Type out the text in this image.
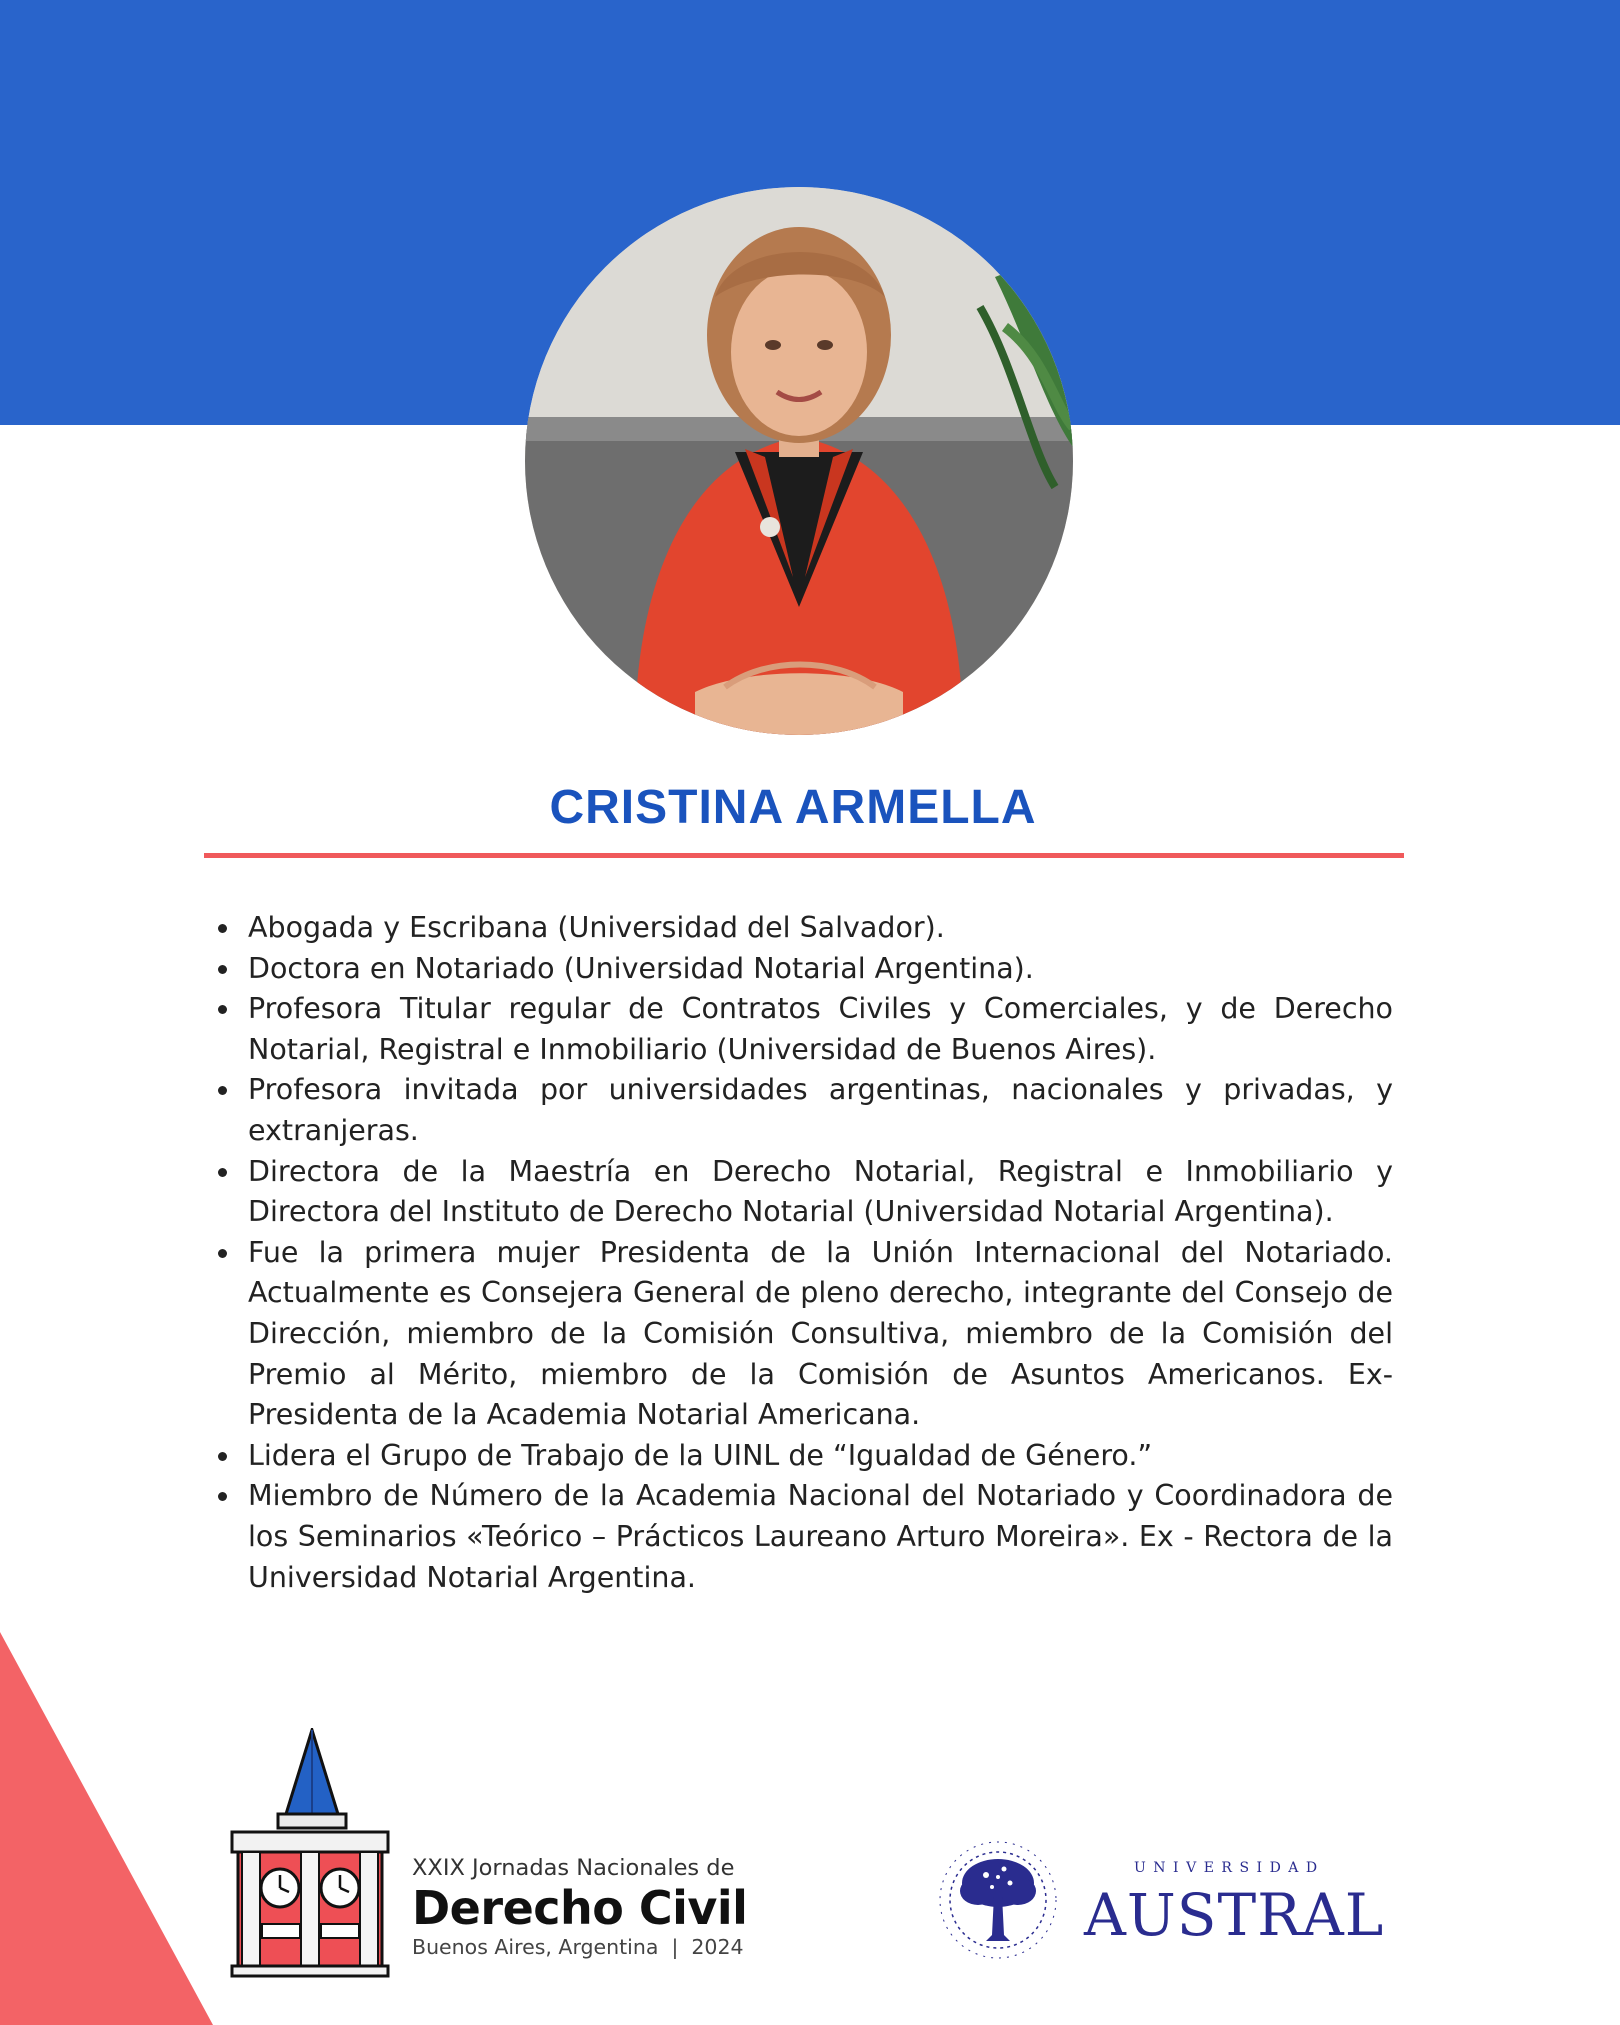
CRISTINA ARMELLA
Abogada y Escribana (Universidad del Salvador).
Doctora en Notariado (Universidad Notarial Argentina).
Profesora Titular regular de Contratos Civiles y Comerciales, y de Derecho Notarial, Registral e Inmobiliario (Universidad de Buenos Aires).
Profesora invitada por universidades argentinas, nacionales y privadas, y extranjeras.
Directora de la Maestría en Derecho Notarial, Registral e Inmobiliario y Directora del Instituto de Derecho Notarial (Universidad Notarial Argentina).
Fue la primera mujer Presidenta de la Unión Internacional del Notariado. Actualmente es Consejera General de pleno derecho, integrante del Consejo de Dirección, miembro de la Comisión Consultiva, miembro de la Comisión del Premio al Mérito, miembro de la Comisión de Asuntos Americanos. Ex-Presidenta de la Academia Notarial Americana.
Lidera el Grupo de Trabajo de la UINL de “Igualdad de Género.”
Miembro de Número de la Academia Nacional del Notariado y Coordinadora de los Seminarios «Teórico – Prácticos Laureano Arturo Moreira». Ex - Rectora de la Universidad Notarial Argentina.
XXIX Jornadas Nacionales de
Derecho Civil
Buenos Aires, Argentina  |  2024
UNIVERSIDAD
AUSTRAL
